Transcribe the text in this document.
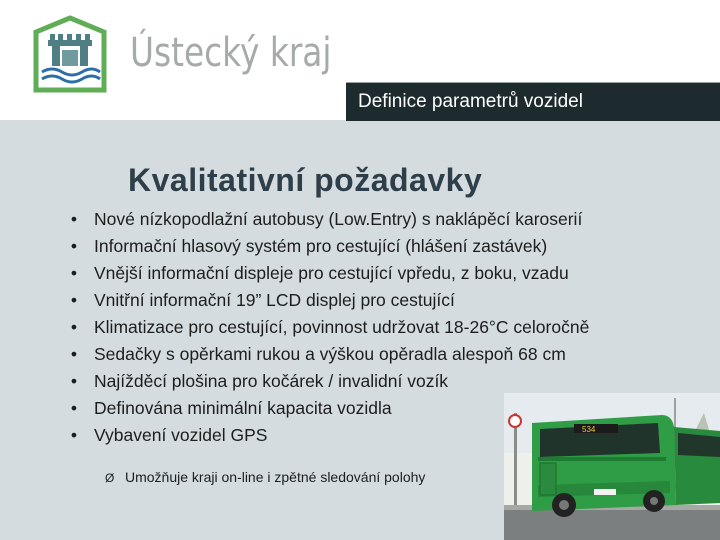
Ústecký kraj
Definice parametrů vozidel
Kvalitativní požadavky
• Nové nízkopodlažní autobusy (Low.Entry) s naklápěcí karoserií
• Informační hlasový systém pro cestující (hlášení zastávek)
• Vnější informační displeje pro cestující vpředu, z boku, vzadu
• Vnitřní informační 19” LCD displej pro cestující
• Klimatizace pro cestující, povinnost udržovat 18-26°C celoročně
• Sedačky s opěrkami rukou a výškou opěradla alespoň 68 cm
• Najížděcí plošina pro kočárek / invalidní vozík
• Definována minimální kapacita vozidla
• Vybavení vozidel GPS
Ø Umožňuje kraji on-line i zpětné sledování polohy
534
